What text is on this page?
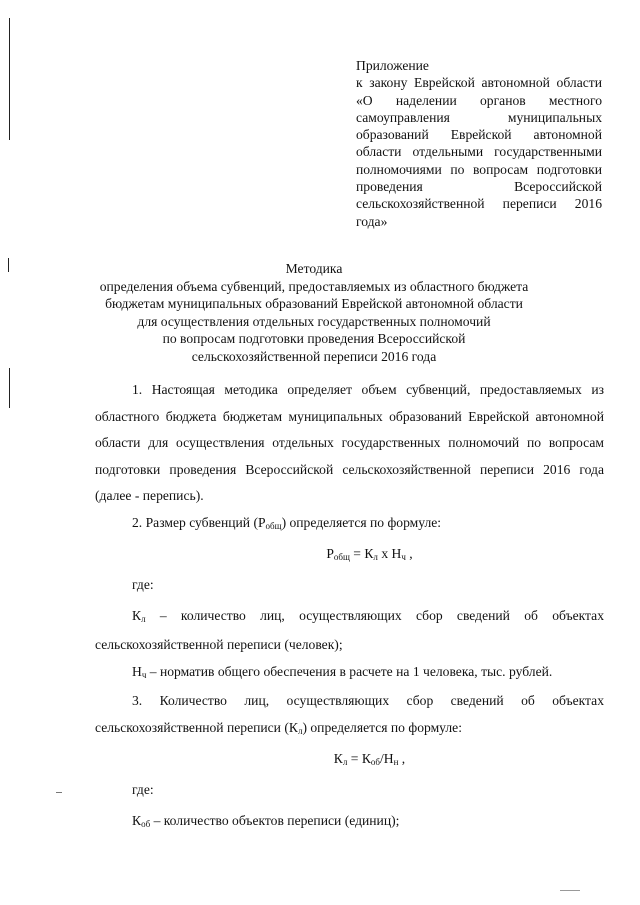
Приложение

к закону Еврейской автономной области «О наделении органов местного самоуправления муниципальных образований Еврейской автономной области отдельными государственными полномочиями по вопросам подготовки проведения Всероссийской сельскохозяйственной переписи 2016 года»

Методика

определения объема субвенций, предоставляемых из областного бюджета

бюджетам муниципальных образований Еврейской автономной области

для осуществления отдельных государственных полномочий

по вопросам подготовки проведения Всероссийской

сельскохозяйственной переписи 2016 года

1. Настоящая методика определяет объем субвенций, предоставляемых из областного бюджета бюджетам муниципальных образований Еврейской автономной области для осуществления отдельных государственных полномочий по вопросам подготовки проведения Всероссийской сельскохозяйственной переписи 2016 года (далее - перепись).

2. Размер субвенций $(Р_{общ})$ определяется по формуле:

$Р_{общ} = К_л$ х $Н_ч$ ,

где:

$К_л$ – количество лиц, осуществляющих сбор сведений об объектах сельскохозяйственной переписи (человек);

$Н_ч$ – норматив общего обеспечения в расчете на 1 человека, тыс. рублей.

3. Количество лиц, осуществляющих сбор сведений об объектах сельскохозяйственной переписи $(К_л)$ определяется по формуле:

$К_л = К_{об}/Н_н$ ,

где:

$К_{об}$ – количество объектов переписи (единиц);
